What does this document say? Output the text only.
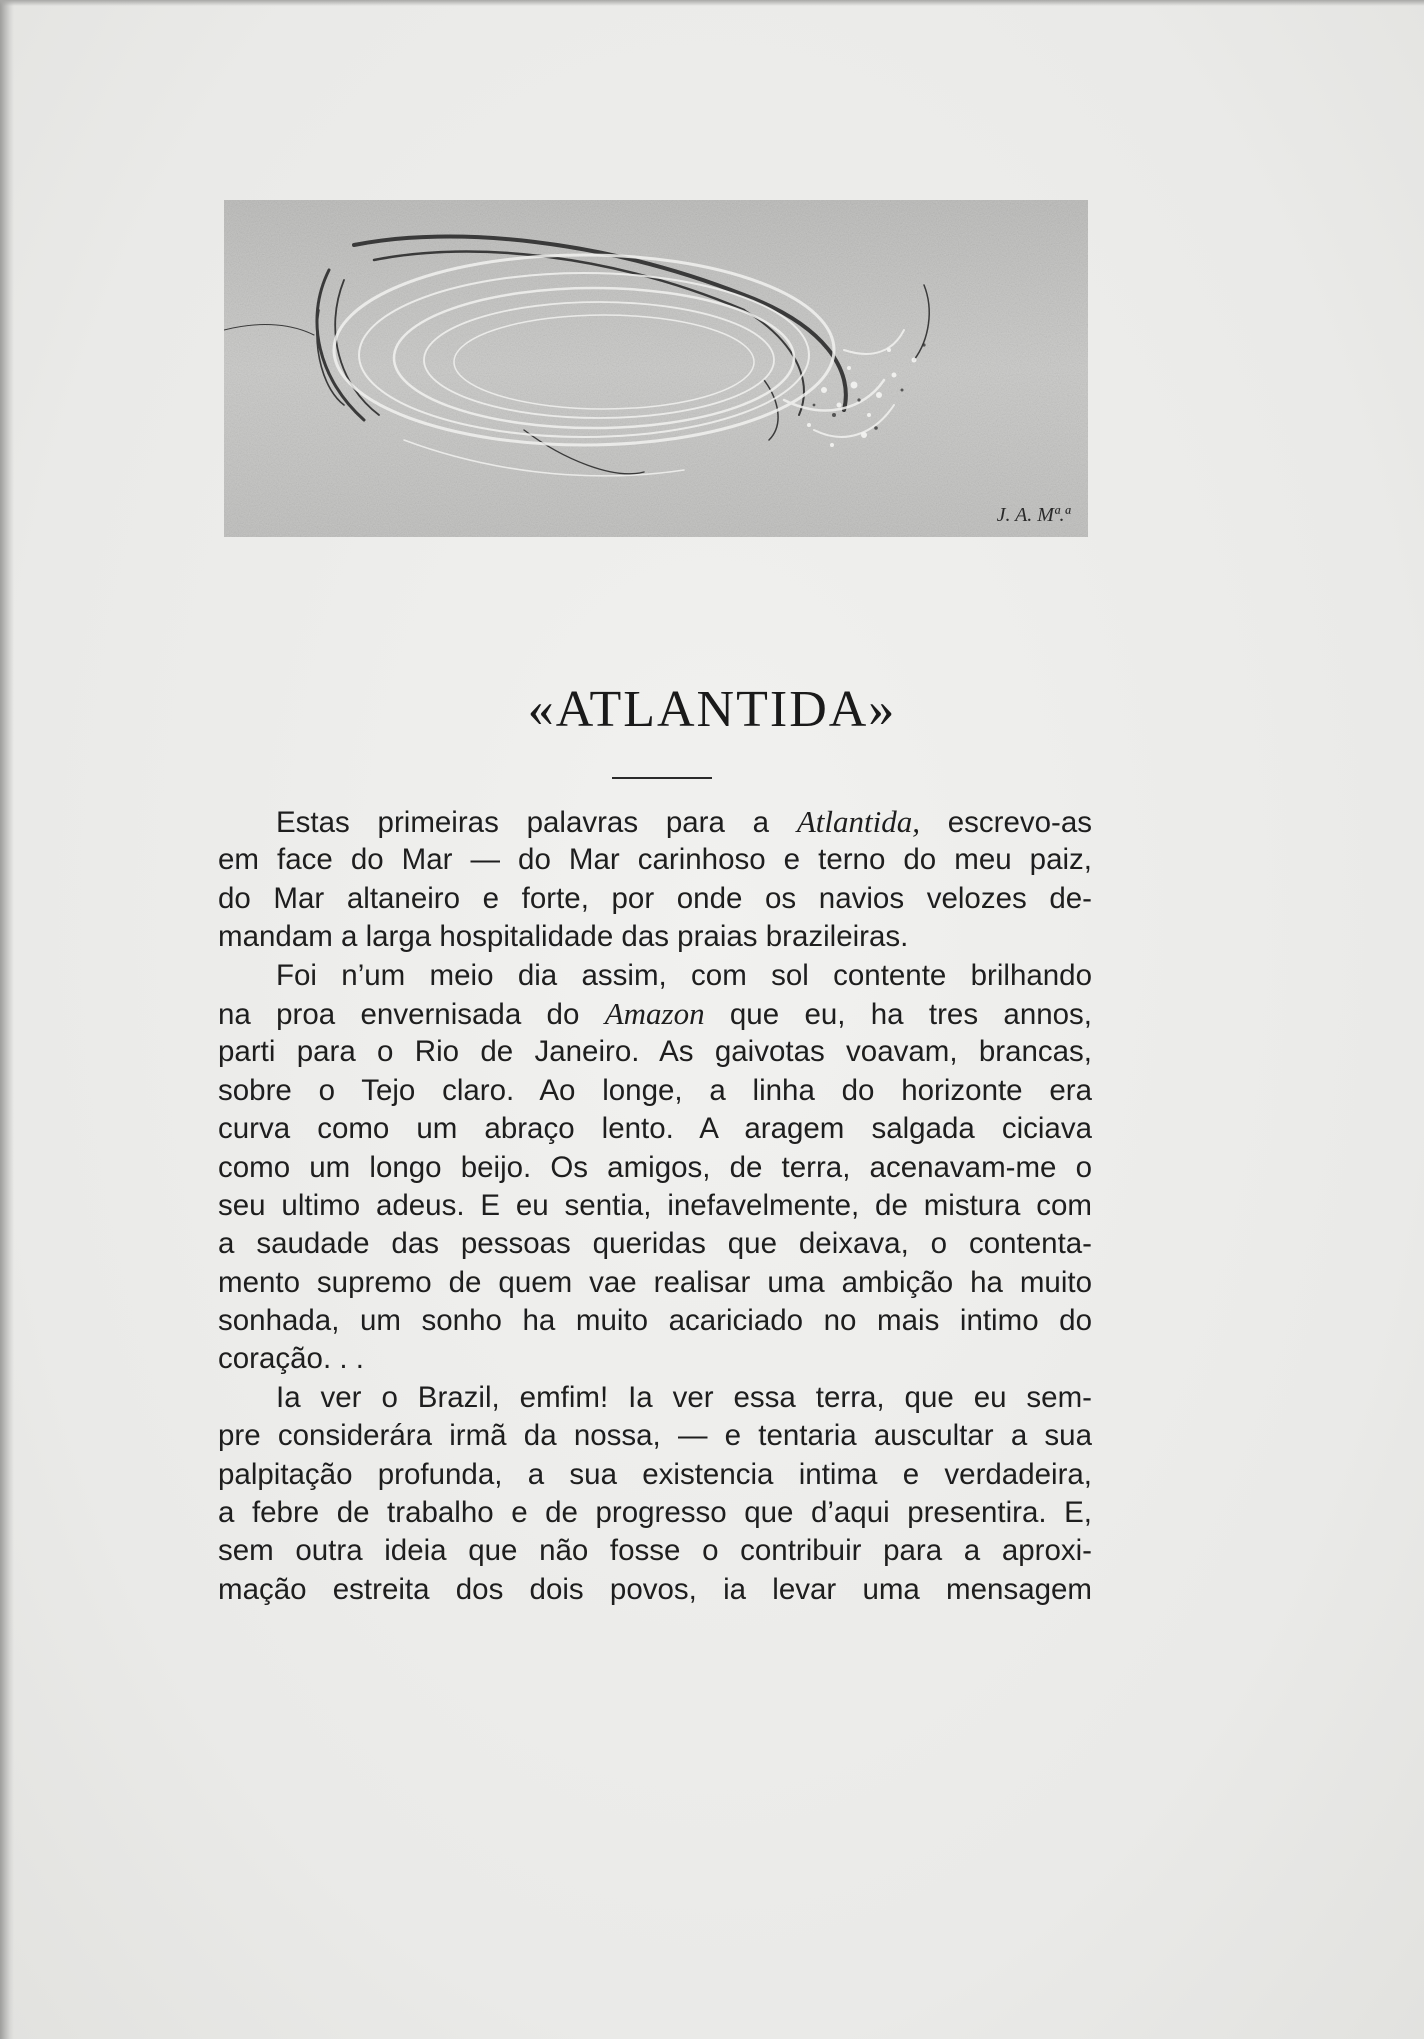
J. A. Mª.ª
«ATLANTIDA»
Estas primeiras palavras para a Atlantida, escrevo-as
em face do Mar — do Mar carinhoso e terno do meu paiz,
do Mar altaneiro e forte, por onde os navios velozes de-
mandam a larga hospitalidade das praias brazileiras.
Foi n’um meio dia assim, com sol contente brilhando
na proa envernisada do Amazon que eu, ha tres annos,
parti para o Rio de Janeiro. As gaivotas voavam, brancas,
sobre o Tejo claro. Ao longe, a linha do horizonte era
curva como um abraço lento. A aragem salgada ciciava
como um longo beijo. Os amigos, de terra, acenavam-me o
seu ultimo adeus. E eu sentia, inefavelmente, de mistura com
a saudade das pessoas queridas que deixava, o contenta-
mento supremo de quem vae realisar uma ambição ha muito
sonhada, um sonho ha muito acariciado no mais intimo do
coração. . .
Ia ver o Brazil, emfim! Ia ver essa terra, que eu sem-
pre considerára irmã da nossa, — e tentaria auscultar a sua
palpitação profunda, a sua existencia intima e verdadeira,
a febre de trabalho e de progresso que d’aqui presentira. E,
sem outra ideia que não fosse o contribuir para a aproxi-
mação estreita dos dois povos, ia levar uma mensagem
